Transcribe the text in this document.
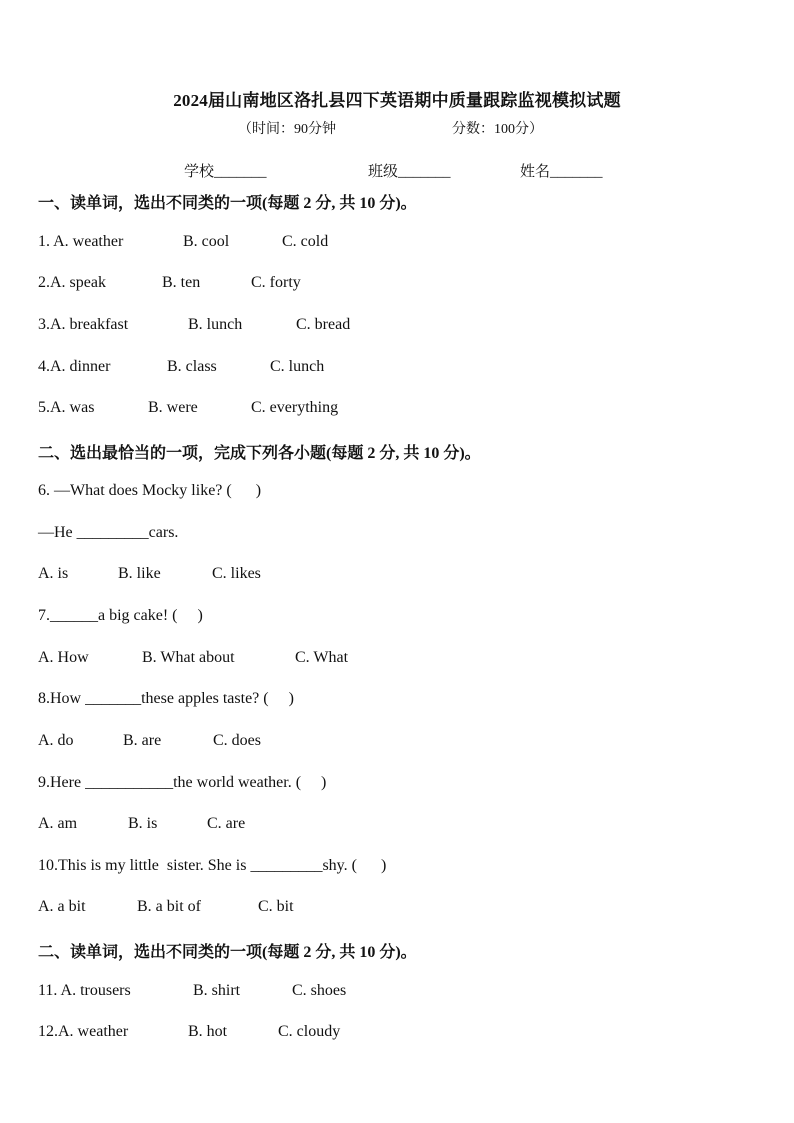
2024届山南地区洛扎县四下英语期中质量跟踪监视模拟试题
（时间：90分钟	分数：100分）
学校_______	班级_______	姓名_______
一、读单词，选出不同类的一项(每题 2 分, 共 10 分)。
1. A. weather	B. cool	C. cold
2.A. speak	B. ten	C. forty
3.A. breakfast	B. lunch	C. bread
4.A. dinner	B. class	C. lunch
5.A. was	B. were	C. everything
二、选出最恰当的一项，完成下列各小题(每题 2 分, 共 10 分)。
6. —What does Mocky like? (      )
—He _________cars.
A. is	B. like	C. likes
7.______a big cake! (     )
A. How	B. What about	C. What
8.How _______these apples taste? (     )
A. do	B. are	C. does
9.Here ___________the world weather. (     )
A. am	B. is	C. are
10.This is my little  sister. She is _________shy. (      )
A. a bit	B. a bit of	C. bit
二、读单词，选出不同类的一项(每题 2 分, 共 10 分)。
11. A. trousers	B. shirt	C. shoes
12.A. weather	B. hot	C. cloudy
